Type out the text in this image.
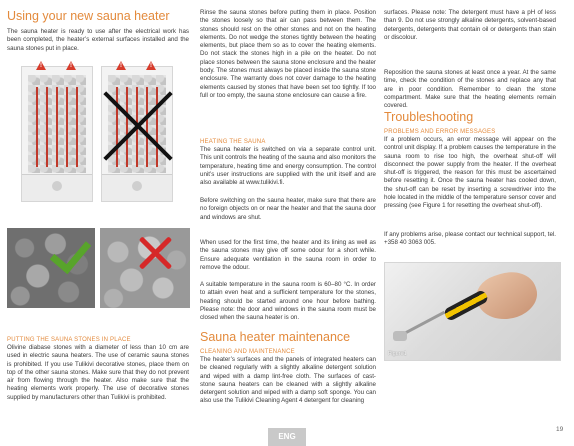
Using your new sauna heater

The sauna heater is ready to use after the electrical work has been completed, the heater’s external surfaces installed and the sauna stones put in place.

!	!	!	!
PUTTING THE SAUNA STONES IN PLACE

Olivine diabase stones with a diameter of less than 10 cm are used in electric sauna heaters. The use of ceramic sauna stones is prohibited. If you use Tulikivi decorative stones, place them on top of the other sauna stones. Make sure that they do not prevent air from flowing through the heater. Also make sure that the heating elements work properly. The use of decorative stones supplied by manufacturers other than Tulikivi is prohibited.

Rinse the sauna stones before putting them in place. Position the stones loosely so that air can pass between them. The stones should rest on the other stones and not on the heating elements. Do not wedge the stones tightly between the heating elements, but place them so as to cover the heating elements. Do not stack the stones high in a pile on the heater. Do not place stones between the sauna stone enclosure and the heater body. The stones must always be placed inside the sauna stone enclosure. The warranty does not cover damage to the heating elements caused by stones that have been set too tightly. If too full or too empty, the sauna stone enclosure can cause a fire.

HEATING THE SAUNA

The sauna heater is switched on via a separate control unit. This unit controls the heating of the sauna and also monitors the temperature, heating time and energy consumption. The control unit’s user instructions are supplied with the unit itself and are also available at www.tulikivi.fi.

Before switching on the sauna heater, make sure that there are no foreign objects on or near the heater and that the sauna door and windows are shut.

When used for the first time, the heater and its lining as well as the sauna stones may give off some odour for a short while. Ensure adequate ventilation in the sauna room in order to remove the odour.

A suitable temperature in the sauna room is 60–80 °C. In order to attain even heat and a sufficient temperature for the stones, heating should be started around one hour before bathing. Please note: the door and windows in the sauna room must be closed when the sauna heater is on.

Sauna heater maintenance
CLEANING AND MAINTENANCE

The heater’s surfaces and the panels of integrated heaters can be cleaned regularly with a slightly alkaline detergent solution and wiped with a damp lint-free cloth. The surfaces of cast-stone sauna heaters can be cleaned with a slightly alkaline detergent solution and wiped with a damp soft sponge. You can also use the Tulikivi Cleaning Agent 4 detergent for cleaning

surfaces. Please note: The detergent must have a pH of less than 9. Do not use strongly alkaline detergents, solvent-based detergents, detergents that contain oil or detergents than stain or discolour.

Reposition the sauna stones at least once a year. At the same time, check the condition of the stones and replace any that are in poor condition. Remember to clean the stone compartment. Make sure that the heating elements remain covered.

Troubleshooting
PROBLEMS AND ERROR MESSAGES

If a problem occurs, an error message will appear on the control unit display. If a problem causes the temperature in the sauna room to rise too high, the overheat shut-off will disconnect the power supply from the heater. If the overheat shut-off is triggered, the reason for this must be ascertained before resetting it. Once the sauna heater has cooled down, the shut-off can be reset by inserting a screwdriver into the hole located in the middle of the temperature sensor cover and pressing (see Figure 1 for resetting the overheat shut-off).

If any problems arise, please contact our technical support, tel. +358 40 3063 005.

Figure1
ENG
19
